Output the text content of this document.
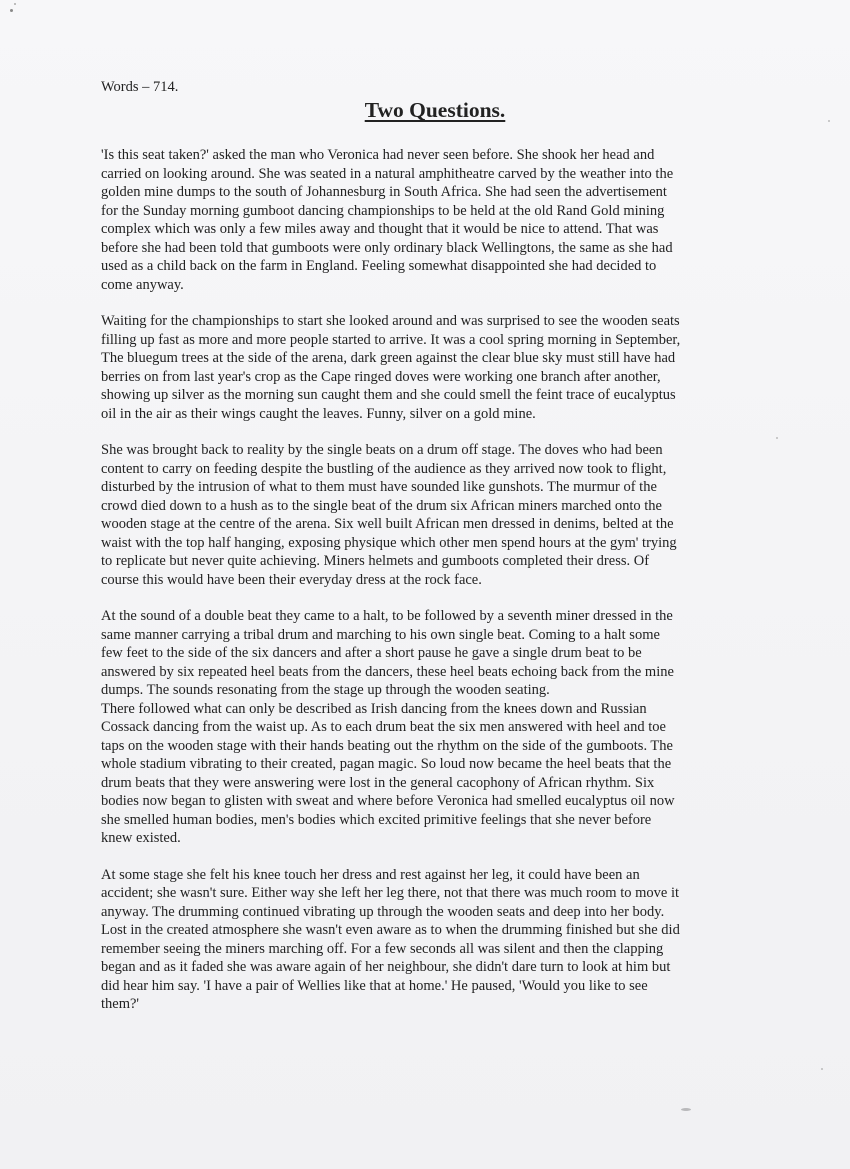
Words – 714.

Two Questions.

'Is this seat taken?' asked the man who Veronica had never seen before. She shook her head and
carried on looking around. She was seated in a natural amphitheatre carved by the weather into the
golden mine dumps to the south of Johannesburg in South Africa. She had seen the advertisement
for the Sunday morning gumboot dancing championships to be held at the old Rand Gold mining
complex which was only a few miles away and thought that it would be nice to attend. That was
before she had been told that gumboots were only ordinary black Wellingtons, the same as she had
used as a child back on the farm in England. Feeling somewhat disappointed she had decided to
come anyway.

Waiting for the championships to start she looked around and was surprised to see the wooden seats
filling up fast as more and more people started to arrive. It was a cool spring morning in September,
The bluegum trees at the side of the arena, dark green against the clear blue sky must still have had
berries on from last year's crop as the Cape ringed doves were working one branch after another,
showing up silver as the morning sun caught them and she could smell the feint trace of eucalyptus
oil in the air as their wings caught the leaves. Funny, silver on a gold mine.

She was brought back to reality by the single beats on a drum off stage. The doves who had been
content to carry on feeding despite the bustling of the audience as they arrived now took to flight,
disturbed by the intrusion of what to them must have sounded like gunshots. The murmur of the
crowd died down to a hush as to the single beat of the drum six African miners marched onto the
wooden stage at the centre of the arena. Six well built African men dressed in denims, belted at the
waist with the top half hanging, exposing physique which other men spend hours at the gym' trying
to replicate but never quite achieving. Miners helmets and gumboots completed their dress. Of
course this would have been their everyday dress at the rock face.

At the sound of a double beat they came to a halt, to be followed by a seventh miner dressed in the
same manner carrying a tribal drum and marching to his own single beat. Coming to a halt some
few feet to the side of the six dancers and after a short pause he gave a single drum beat to be
answered by six repeated heel beats from the dancers, these heel beats echoing back from the mine
dumps. The sounds resonating from the stage up through the wooden seating.

There followed what can only be described as Irish dancing from the knees down and Russian
Cossack dancing from the waist up. As to each drum beat the six men answered with heel and toe
taps on the wooden stage with their hands beating out the rhythm on the side of the gumboots. The
whole stadium vibrating to their created, pagan magic. So loud now became the heel beats that the
drum beats that they were answering were lost in the general cacophony of African rhythm. Six
bodies now began to glisten with sweat and where before Veronica had smelled eucalyptus oil now
she smelled human bodies, men's bodies which excited primitive feelings that she never before
knew existed.

At some stage she felt his knee touch her dress and rest against her leg, it could have been an
accident; she wasn't sure. Either way she left her leg there, not that there was much room to move it
anyway. The drumming continued vibrating up through the wooden seats and deep into her body.
Lost in the created atmosphere she wasn't even aware as to when the drumming finished but she did
remember seeing the miners marching off. For a few seconds all was silent and then the clapping
began and as it faded she was aware again of her neighbour, she didn't dare turn to look at him but
did hear him say. 'I have a pair of Wellies like that at home.' He paused, 'Would you like to see
them?'
